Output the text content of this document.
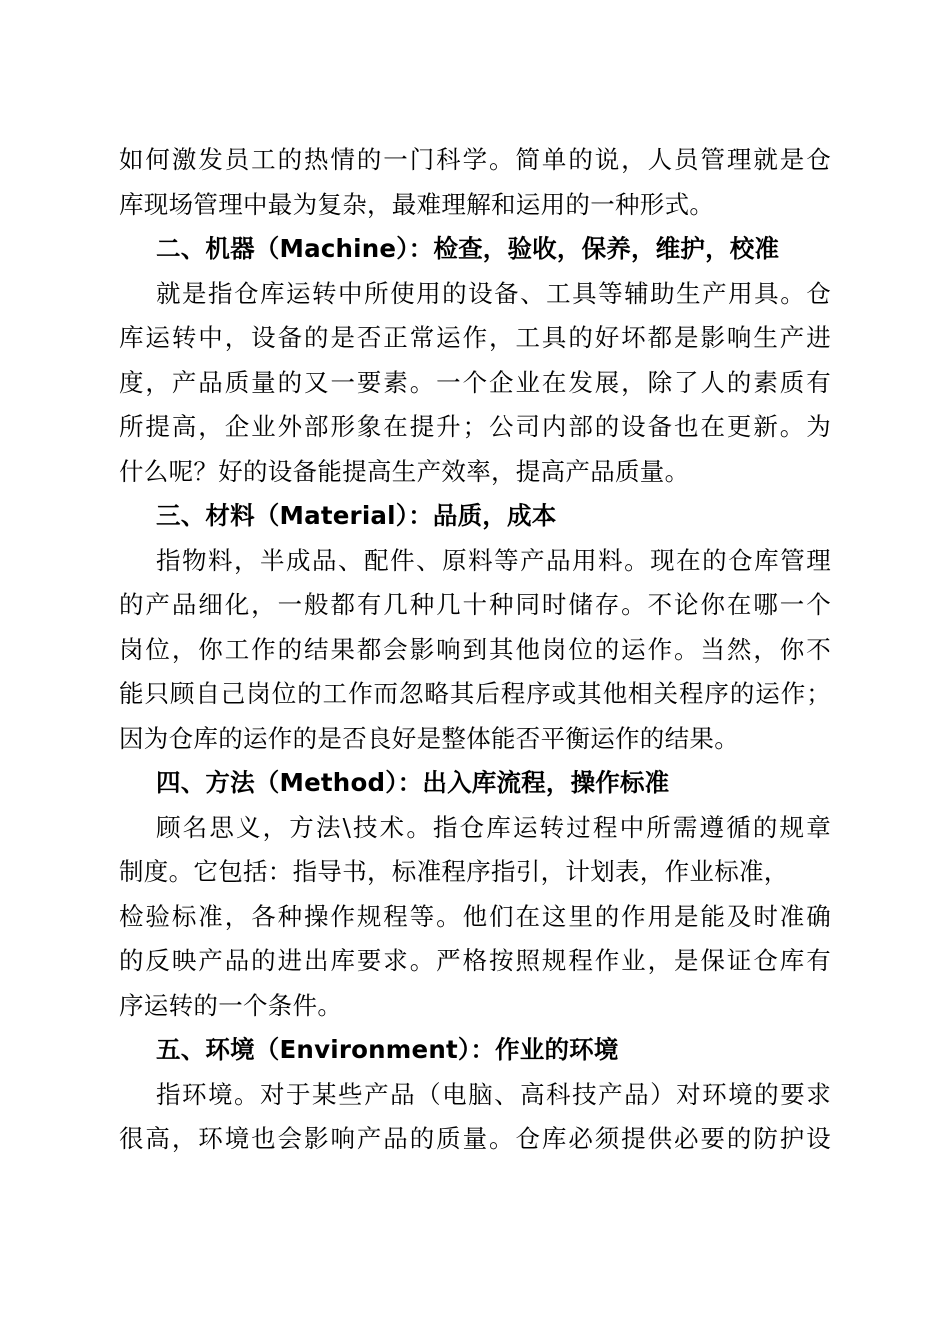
如何激发员工的热情的一门科学。简单的说，人员管理就是仓
库现场管理中最为复杂，最难理解和运用的一种形式。
二、机器（Machine）：检查，验收，保养，维护，校准
就是指仓库运转中所使用的设备、工具等辅助生产用具。仓
库运转中，设备的是否正常运作，工具的好坏都是影响生产进
度，产品质量的又一要素。一个企业在发展，除了人的素质有
所提高，企业外部形象在提升；公司内部的设备也在更新。为
什么呢？好的设备能提高生产效率，提高产品质量。
三、材料（Material）：品质，成本
指物料，半成品、配件、原料等产品用料。现在的仓库管理
的产品细化，一般都有几种几十种同时储存。不论你在哪一个
岗位，你工作的结果都会影响到其他岗位的运作。当然，你不
能只顾自己岗位的工作而忽略其后程序或其他相关程序的运作；
因为仓库的运作的是否良好是整体能否平衡运作的结果。
四、方法（Method）：出入库流程，操作标准
顾名思义，方法\技术。指仓库运转过程中所需遵循的规章
制度。它包括：指导书，标准程序指引，计划表，作业标准，
检验标准，各种操作规程等。他们在这里的作用是能及时准确
的反映产品的进出库要求。严格按照规程作业，是保证仓库有
序运转的一个条件。
五、环境（Environment）：作业的环境
指环境。对于某些产品（电脑、高科技产品）对环境的要求
很高，环境也会影响产品的质量。仓库必须提供必要的防护设
